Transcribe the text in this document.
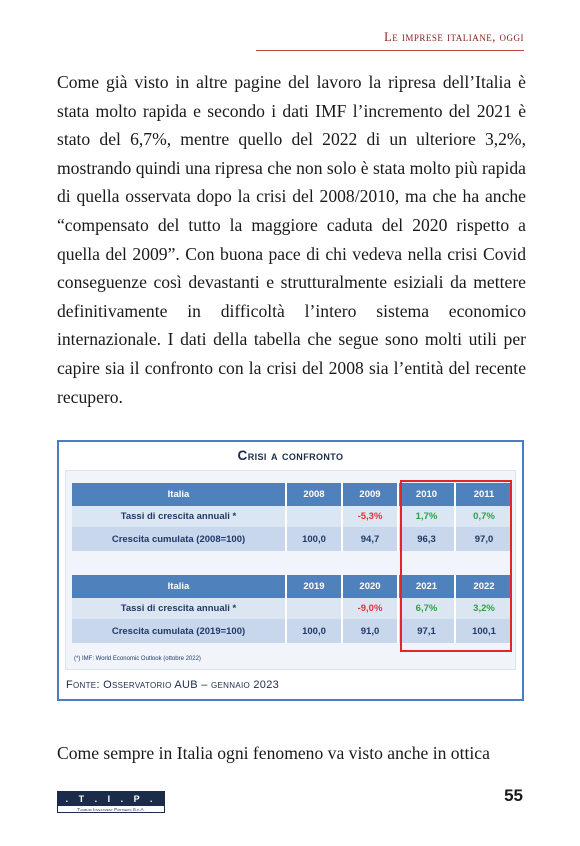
Le imprese italiane, oggi

Come già visto in altre pagine del lavoro la ripresa dell’Italia è stata molto rapida e secondo i dati IMF l’incremento del 2021 è stato del 6,7%, mentre quello del 2022 di un ulteriore 3,2%, mostrando quindi una ripresa che non solo è stata molto più rapida di quella osservata dopo la crisi del 2008/2010, ma che ha anche “compensato del tutto la maggiore caduta del 2020 rispetto a quella del 2009”. Con buona pace di chi vedeva nella crisi Covid conseguenze così devastanti e strutturalmente esiziali da mettere definitivamente in difficoltà l’intero sistema economico internazionale. I dati della tabella che segue sono molti utili per capire sia il confronto con la crisi del 2008 sia l’entità del recente recupero.

Crisi a confronto
Italia	2008	2009	2010	2011
Tassi di crescita annuali *		-5,3%	1,7%	0,7%
Crescita cumulata (2008=100)	100,0	94,7	96,3	97,0
Italia	2019	2020	2021	2022
Tassi di crescita annuali *		-9,0%	6,7%	3,2%
Crescita cumulata (2019=100)	100,0	91,0	97,1	100,1
(*) IMF: World Economic Outlook (ottobre 2022)
Fonte: Osservatorio AUB – gennaio 2023

Come sempre in Italia ogni fenomeno va visto anche in ottica

. T . I . P .
Tamburi Investment Partners S.p.A.
55
